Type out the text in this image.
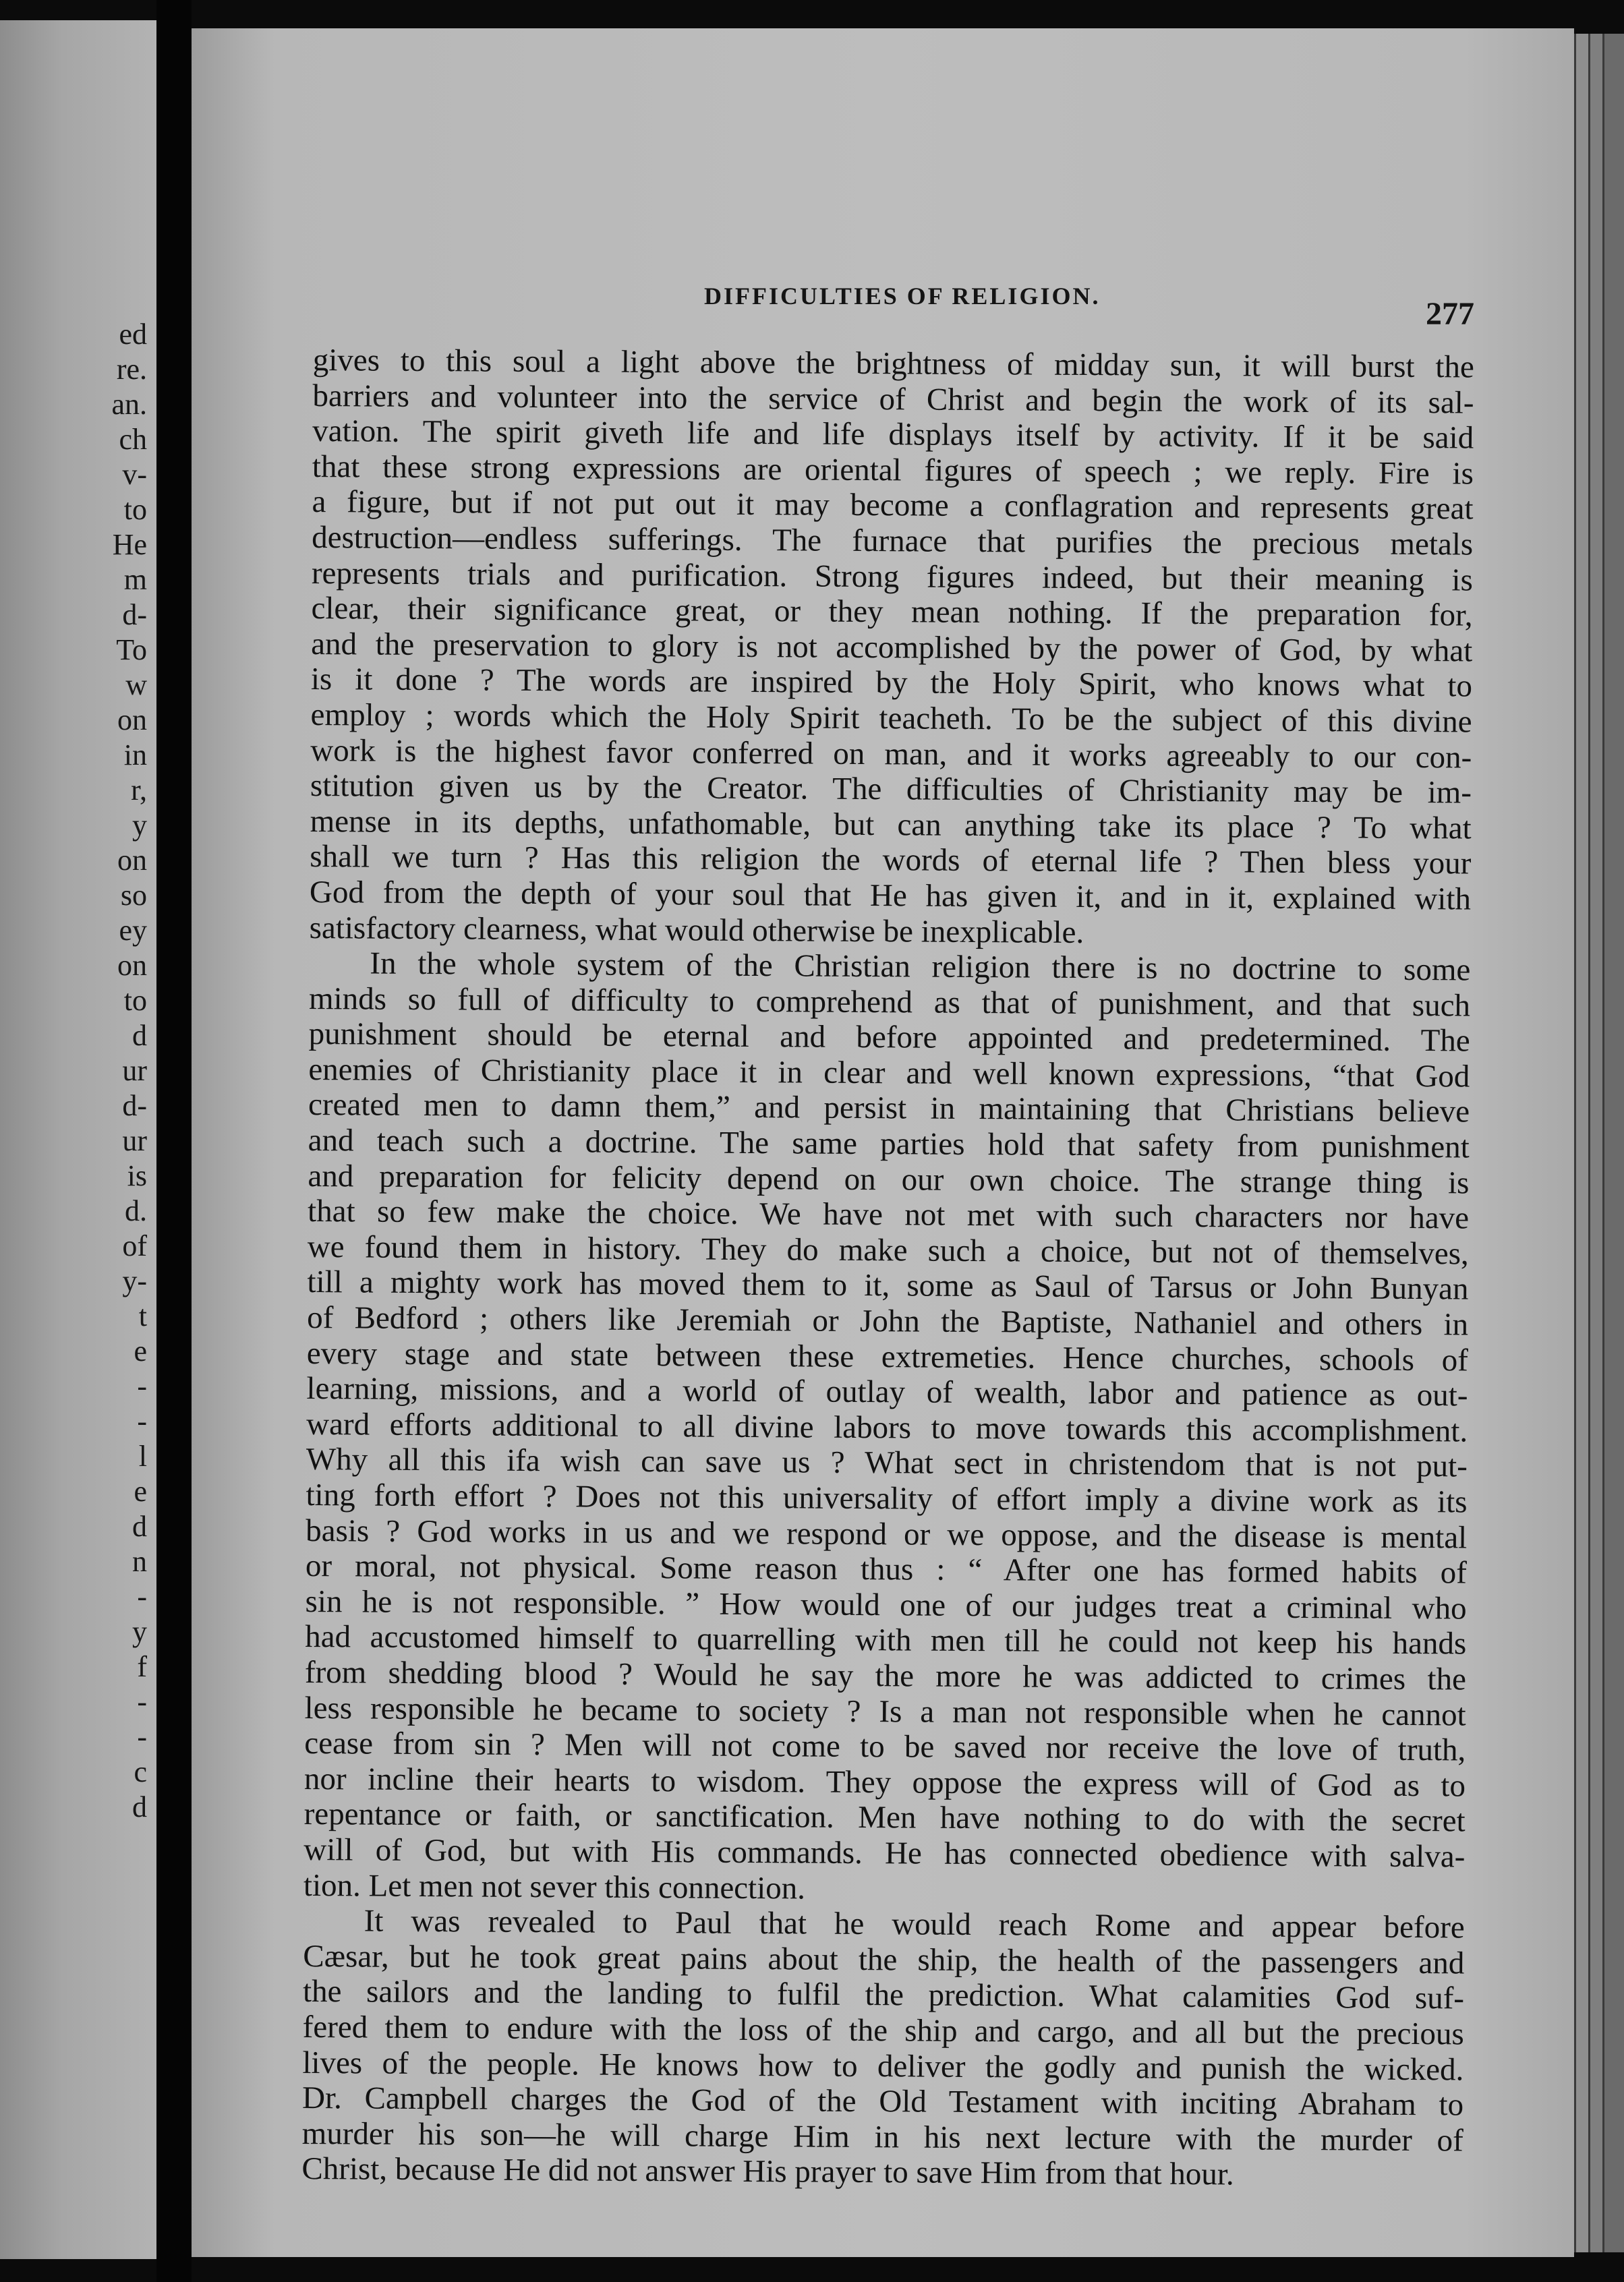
ed
re.
an.
ch
v-
to
He
m
d-
To
w
on
in
r,
y
on
so
ey
on
to
d
ur
d-
ur
is
d.
of
y-
t
e
-
-
l
e
d
n
-
y
f
-
-
c
d
DIFFICULTIES OF RELIGION.	277
gives to this soul a light above the brightness of midday sun, it will burst the
barriers and volunteer into the service of Christ and begin the work of its sal-
vation. The spirit giveth life and life displays itself by activity. If it be said
that these strong expressions are oriental figures of speech ; we reply. Fire is
a figure, but if not put out it may become a conflagration and represents great
destruction—endless sufferings. The furnace that purifies the precious metals
represents trials and purification. Strong figures indeed, but their meaning is
clear, their significance great, or they mean nothing. If the preparation for,
and the preservation to glory is not accomplished by the power of God, by what
is it done ? The words are inspired by the Holy Spirit, who knows what to
employ ; words which the Holy Spirit teacheth. To be the subject of this divine
work is the highest favor conferred on man, and it works agreeably to our con-
stitution given us by the Creator. The difficulties of Christianity may be im-
mense in its depths, unfathomable, but can anything take its place ? To what
shall we turn ? Has this religion the words of eternal life ? Then bless your
God from the depth of your soul that He has given it, and in it, explained with
satisfactory clearness, what would otherwise be inexplicable.
In the whole system of the Christian religion there is no doctrine to some
minds so full of difficulty to comprehend as that of punishment, and that such
punishment should be eternal and before appointed and predetermined. The
enemies of Christianity place it in clear and well known expressions, “that God
created men to damn them,” and persist in maintaining that Christians believe
and teach such a doctrine. The same parties hold that safety from punishment
and preparation for felicity depend on our own choice. The strange thing is
that so few make the choice. We have not met with such characters nor have
we found them in history. They do make such a choice, but not of themselves,
till a mighty work has moved them to it, some as Saul of Tarsus or John Bunyan
of Bedford ; others like Jeremiah or John the Baptiste, Nathaniel and others in
every stage and state between these extremeties. Hence churches, schools of
learning, missions, and a world of outlay of wealth, labor and patience as out-
ward efforts additional to all divine labors to move towards this accomplishment.
Why all this ifa wish can save us ? What sect in christendom that is not put-
ting forth effort ? Does not this universality of effort imply a divine work as its
basis ? God works in us and we respond or we oppose, and the disease is mental
or moral, not physical. Some reason thus : “ After one has formed habits of
sin he is not responsible. ” How would one of our judges treat a criminal who
had accustomed himself to quarrelling with men till he could not keep his hands
from shedding blood ? Would he say the more he was addicted to crimes the
less responsible he became to society ? Is a man not responsible when he cannot
cease from sin ? Men will not come to be saved nor receive the love of truth,
nor incline their hearts to wisdom. They oppose the express will of God as to
repentance or faith, or sanctification. Men have nothing to do with the secret
will of God, but with His commands. He has connected obedience with salva-
tion. Let men not sever this connection.
It was revealed to Paul that he would reach Rome and appear before
Cæsar, but he took great pains about the ship, the health of the passengers and
the sailors and the landing to fulfil the prediction. What calamities God suf-
fered them to endure with the loss of the ship and cargo, and all but the precious
lives of the people. He knows how to deliver the godly and punish the wicked.
Dr. Campbell charges the God of the Old Testament with inciting Abraham to
murder his son—he will charge Him in his next lecture with the murder of
Christ, because He did not answer His prayer to save Him from that hour.
